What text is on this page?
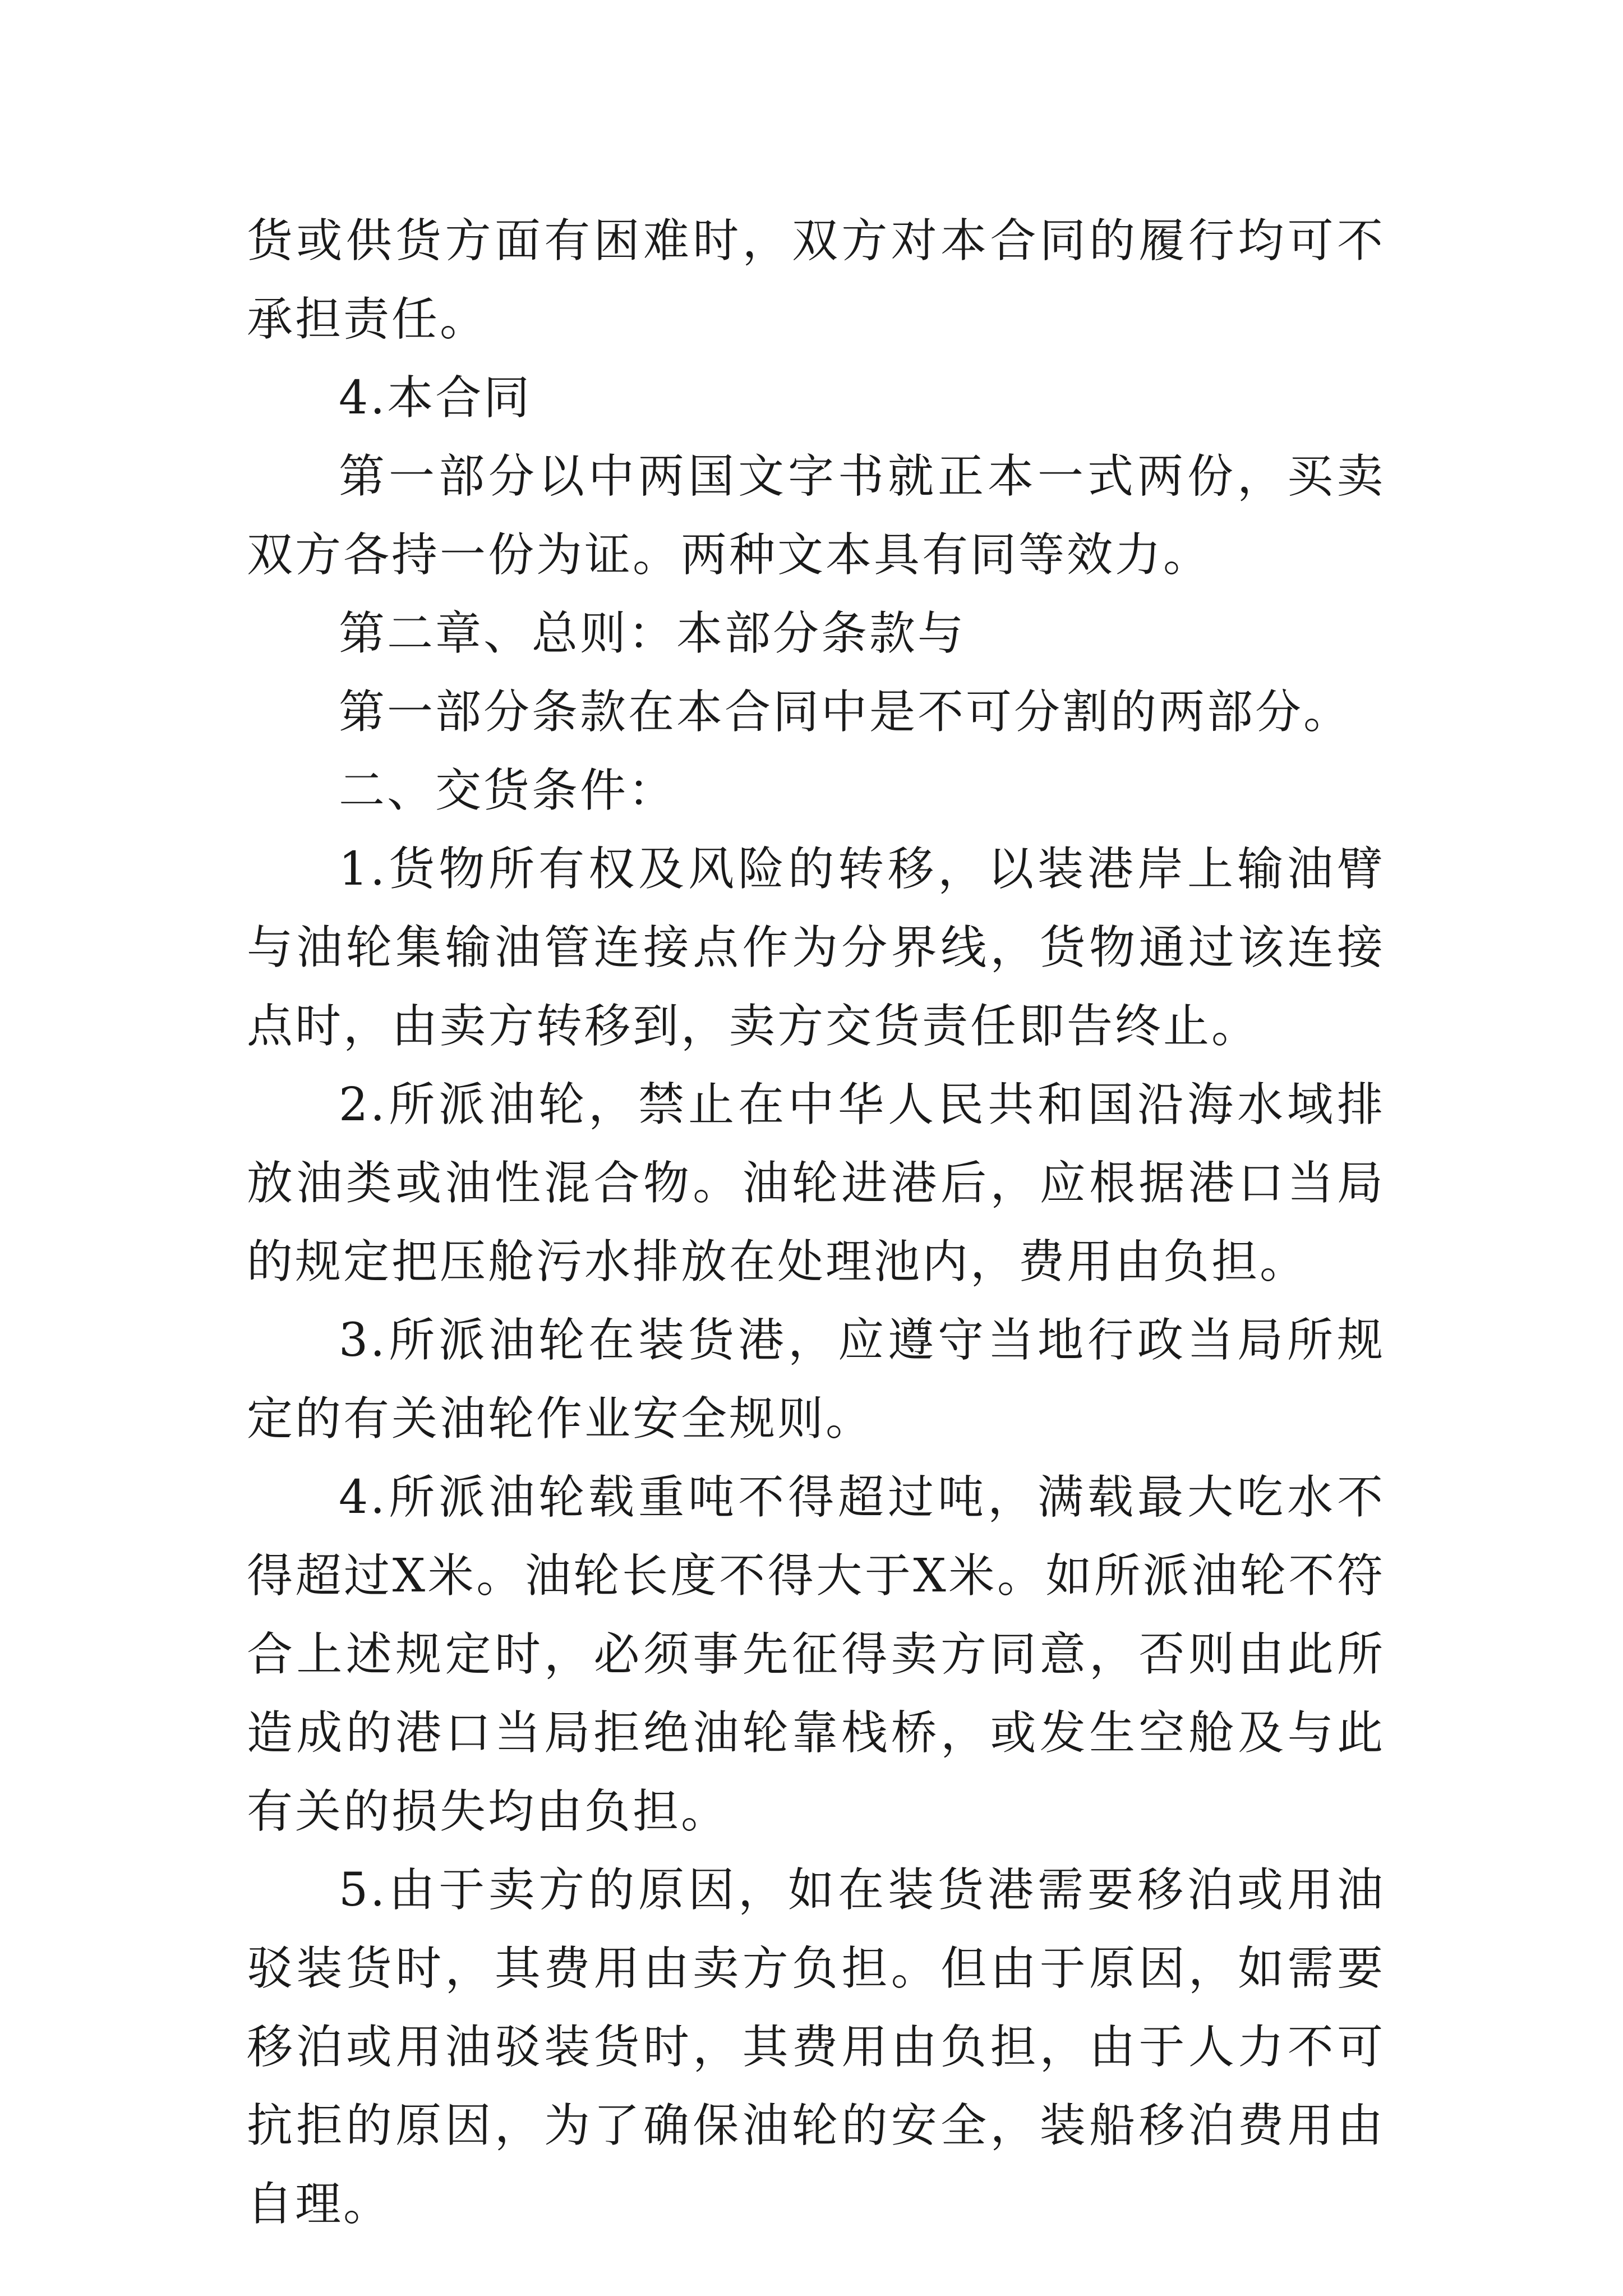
货或供货方面有困难时，双方对本合同的履行均可不承担责任。

4.本合同

第一部分以中两国文字书就正本一式两份，买卖双方各持一份为证。两种文本具有同等效力。

第二章、总则：本部分条款与

第一部分条款在本合同中是不可分割的两部分。

二、交货条件：

1.货物所有权及风险的转移，以装港岸上输油臂与油轮集输油管连接点作为分界线，货物通过该连接点时，由卖方转移到，卖方交货责任即告终止。

2.所派油轮，禁止在中华人民共和国沿海水域排放油类或油性混合物。油轮进港后，应根据港口当局的规定把压舱污水排放在处理池内，费用由负担。

3.所派油轮在装货港，应遵守当地行政当局所规定的有关油轮作业安全规则。

4.所派油轮载重吨不得超过吨，满载最大吃水不得超过X米。油轮长度不得大于X米。如所派油轮不符合上述规定时，必须事先征得卖方同意，否则由此所造成的港口当局拒绝油轮靠栈桥，或发生空舱及与此有关的损失均由负担。

5.由于卖方的原因，如在装货港需要移泊或用油驳装货时，其费用由卖方负担。但由于原因，如需要移泊或用油驳装货时，其费用由负担，由于人力不可抗拒的原因，为了确保油轮的安全，装船移泊费用由自理。
